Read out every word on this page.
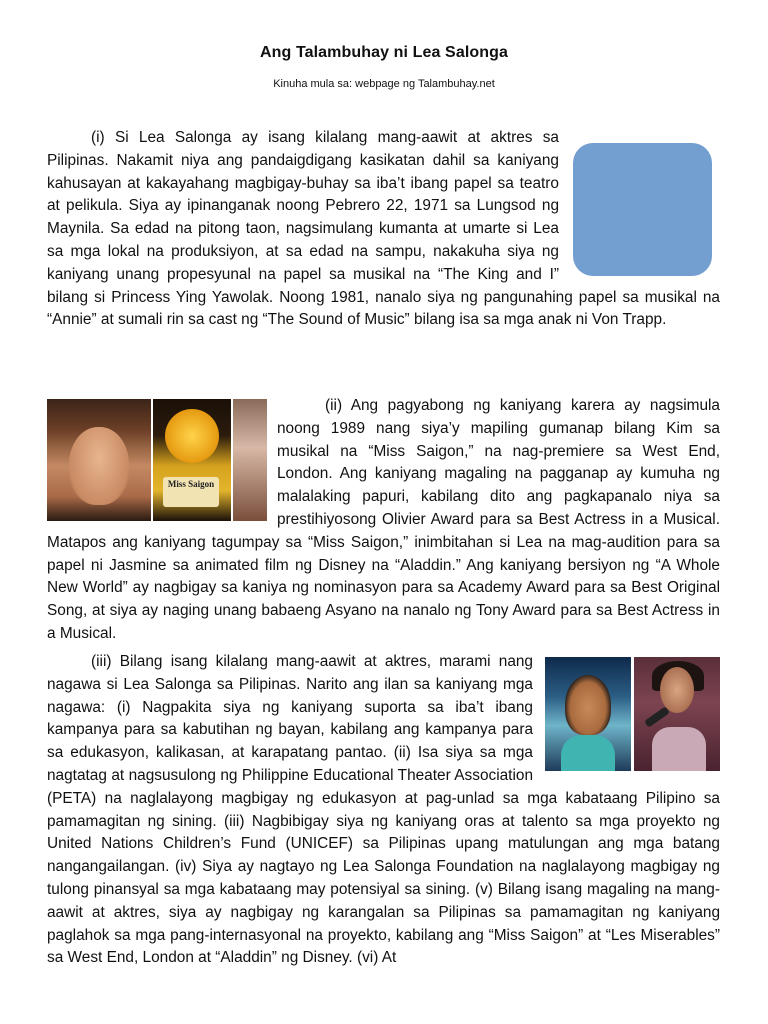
Ang Talambuhay ni Lea Salonga
Kinuha mula sa: webpage ng Talambuhay.net
(i) Si Lea Salonga ay isang kilalang mang-aawit at aktres sa Pilipinas. Nakamit niya ang pandaigdigang kasikatan dahil sa kaniyang kahusayan at kakayahang magbigay-buhay sa iba’t ibang papel sa teatro at pelikula. Siya ay ipinanganak noong Pebrero 22, 1971 sa Lungsod ng Maynila. Sa edad na pitong taon, nagsimulang kumanta at umarte si Lea sa mga lokal na produksiyon, at sa edad na sampu, nakakuha siya ng kaniyang unang propesyunal na papel sa musikal na “The King and I” bilang si Princess Ying Yawolak. Noong 1981, nanalo siya ng pangunahing papel sa musikal na “Annie” at sumali rin sa cast ng “The Sound of Music” bilang isa sa mga anak ni Von Trapp.
Miss Saigon
(ii) Ang pagyabong ng kaniyang karera ay nagsimula noong 1989 nang siya’y mapiling gumanap bilang Kim sa musikal na “Miss Saigon,” na nag-premiere sa West End, London. Ang kaniyang magaling na pagganap ay kumuha ng malalaking papuri, kabilang dito ang pagkapanalo niya sa prestihiyosong Olivier Award para sa Best Actress in a Musical. Matapos ang kaniyang tagumpay sa “Miss Saigon,” inimbitahan si Lea na mag-audition para sa papel ni Jasmine sa animated film ng Disney na “Aladdin.” Ang kaniyang bersiyon ng “A Whole New World” ay nagbigay sa kaniya ng nominasyon para sa Academy Award para sa Best Original Song, at siya ay naging unang babaeng Asyano na nanalo ng Tony Award para sa Best Actress in a Musical.
(iii) Bilang isang kilalang mang-aawit at aktres, marami nang nagawa si Lea Salonga sa Pilipinas. Narito ang ilan sa kaniyang mga nagawa: (i) Nagpakita siya ng kaniyang suporta sa iba’t ibang kampanya para sa kabutihan ng bayan, kabilang ang kampanya para sa edukasyon, kalikasan, at karapatang pantao. (ii) Isa siya sa mga nagtatag at nagsusulong ng Philippine Educational Theater Association (PETA) na naglalayong magbigay ng edukasyon at pag-unlad sa mga kabataang Pilipino sa pamamagitan ng sining. (iii) Nagbibigay siya ng kaniyang oras at talento sa mga proyekto ng United Nations Children’s Fund (UNICEF) sa Pilipinas upang matulungan ang mga batang nangangailangan. (iv) Siya ay nagtayo ng Lea Salonga Foundation na naglalayong magbigay ng tulong pinansyal sa mga kabataang may potensiyal sa sining. (v) Bilang isang magaling na mang-aawit at aktres, siya ay nagbigay ng karangalan sa Pilipinas sa pamamagitan ng kaniyang paglahok sa mga pang-internasyonal na proyekto, kabilang ang “Miss Saigon” at “Les Miserables” sa West End, London at “Aladdin” ng Disney. (vi) At
